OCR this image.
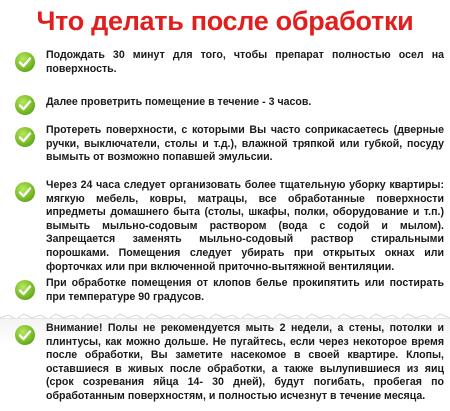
Что делать после обработки
Подождать 30 минут для того, чтобы препарат полностью осел на поверхность.
Далее проветрить помещение в течение - 3 часов.
Протереть поверхности, с которыми Вы часто соприкасаетесь (дверные ручки, выключатели, столы и т.д.), влажной тряпкой или губкой, посуду вымыть от возможно попавшей эмульсии.
Через 24 часа следует организовать более тщательную уборку квартиры: мягкую мебель, ковры, матрацы, все обработанные поверхности ипредметы домашнего быта (столы, шкафы, полки, оборудование и т.п.) вымыть мыльно-содовым раствором (вода с содой и мылом). Запрещается заменять мыльно-содовый раствор стиральными порошками. Помещения следует убирать при открытых окнах или форточках или при включенной приточно-вытяжной вентиляции.
При обработке помещения от клопов белье прокипятить или постирать при температуре 90 градусов.
Внимание! Полы не рекомендуется мыть 2 недели, а стены, потолки и плинтусы, как можно дольше. Не пугайтесь, если через некоторое время после обработки, Вы заметите насекомое в своей квартире. Клопы, оставшиеся в живых после обработки, а также вылупившиеся из яиц (срок созревания яйца 14- 30 дней), будут погибать, пробегая по обработанным поверхностям, и полностью исчезнут в течение месяца.
